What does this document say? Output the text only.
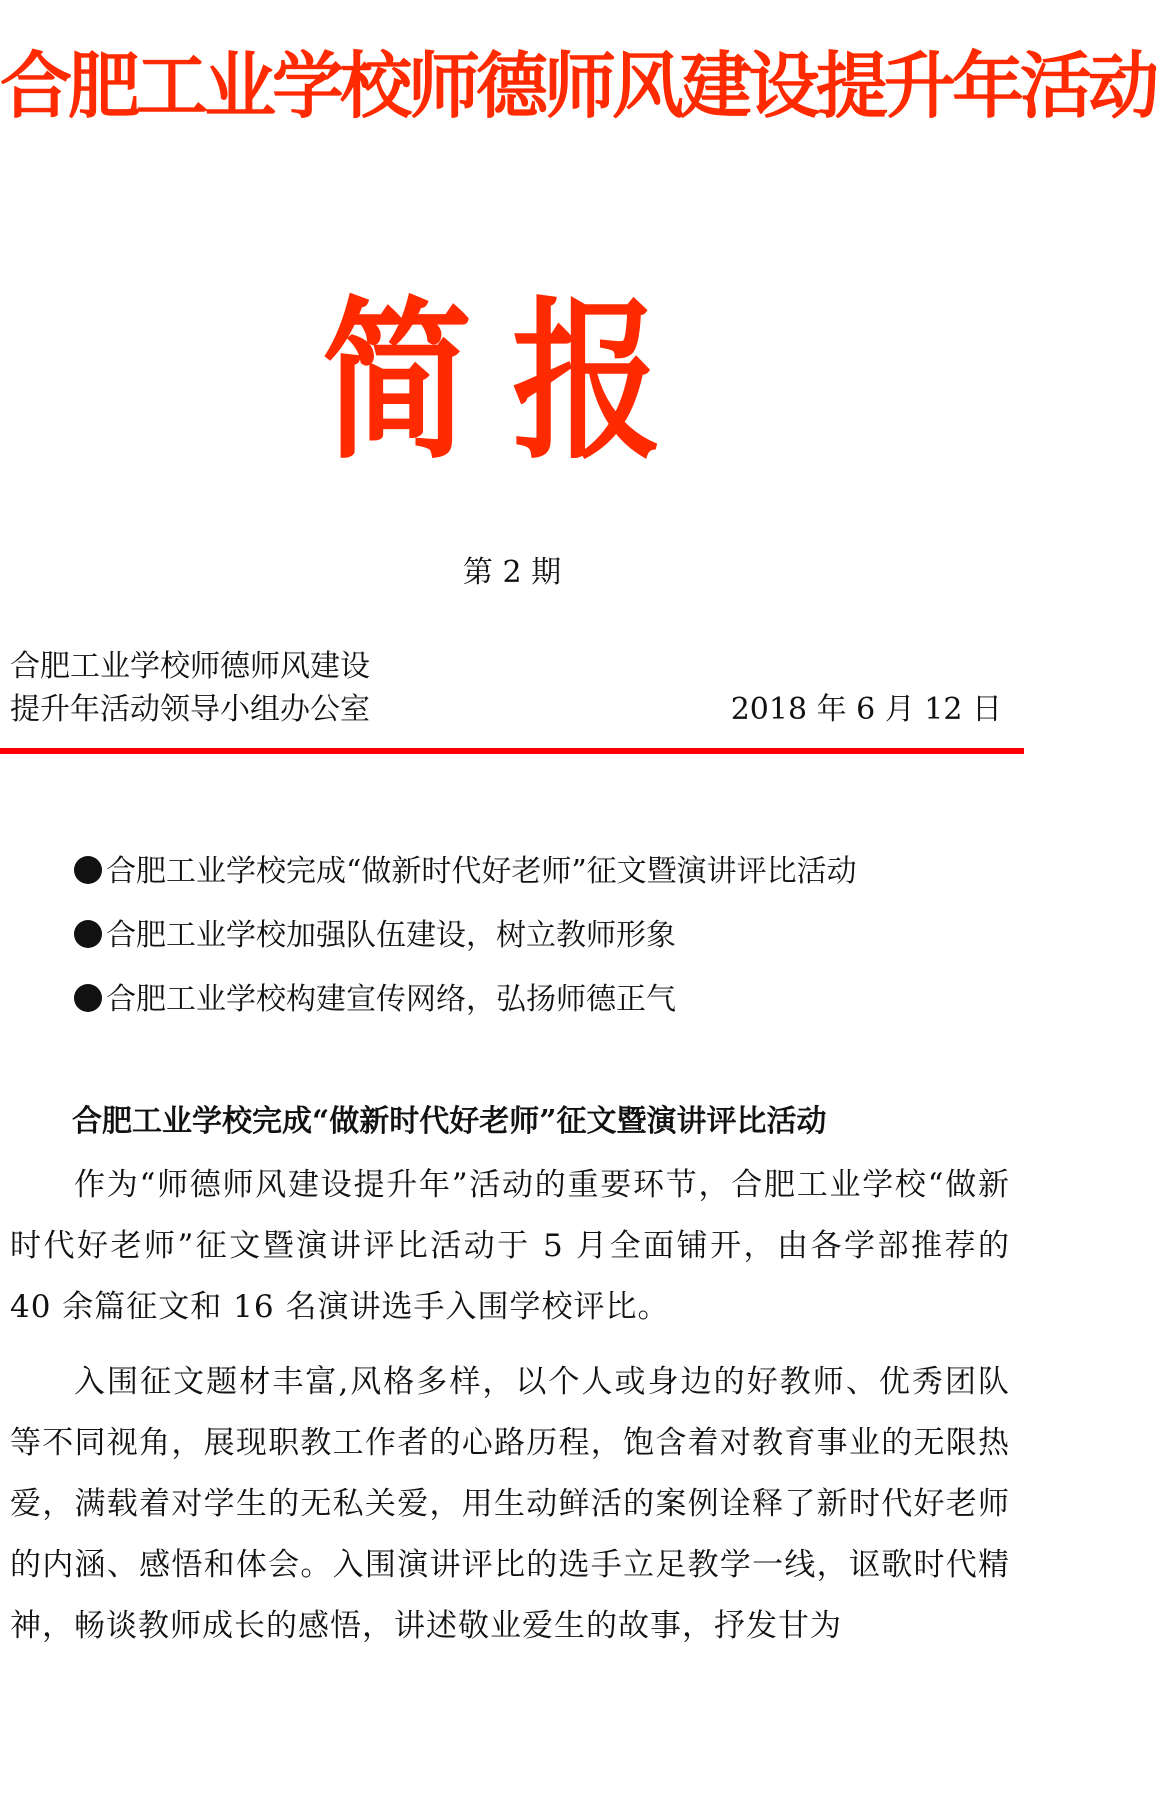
合肥工业学校师德师风建设提升年活动
简报
第 2 期
合肥工业学校师德师风建设
提升年活动领导小组办公室	2018 年 6 月 12 日
合肥工业学校完成“做新时代好老师”征文暨演讲评比活动
合肥工业学校加强队伍建设，树立教师形象
合肥工业学校构建宣传网络，弘扬师德正气
合肥工业学校完成“做新时代好老师”征文暨演讲评比活动

作为“师德师风建设提升年”活动的重要环节，合肥工业学校“做新时代好老师”征文暨演讲评比活动于 5 月全面铺开，由各学部推荐的 40 余篇征文和 16 名演讲选手入围学校评比。

入围征文题材丰富,风格多样，以个人或身边的好教师、优秀团队等不同视角，展现职教工作者的心路历程，饱含着对教育事业的无限热爱，满载着对学生的无私关爱，用生动鲜活的案例诠释了新时代好老师的内涵、感悟和体会。入围演讲评比的选手立足教学一线，讴歌时代精神，畅谈教师成长的感悟，讲述敬业爱生的故事，抒发甘为
